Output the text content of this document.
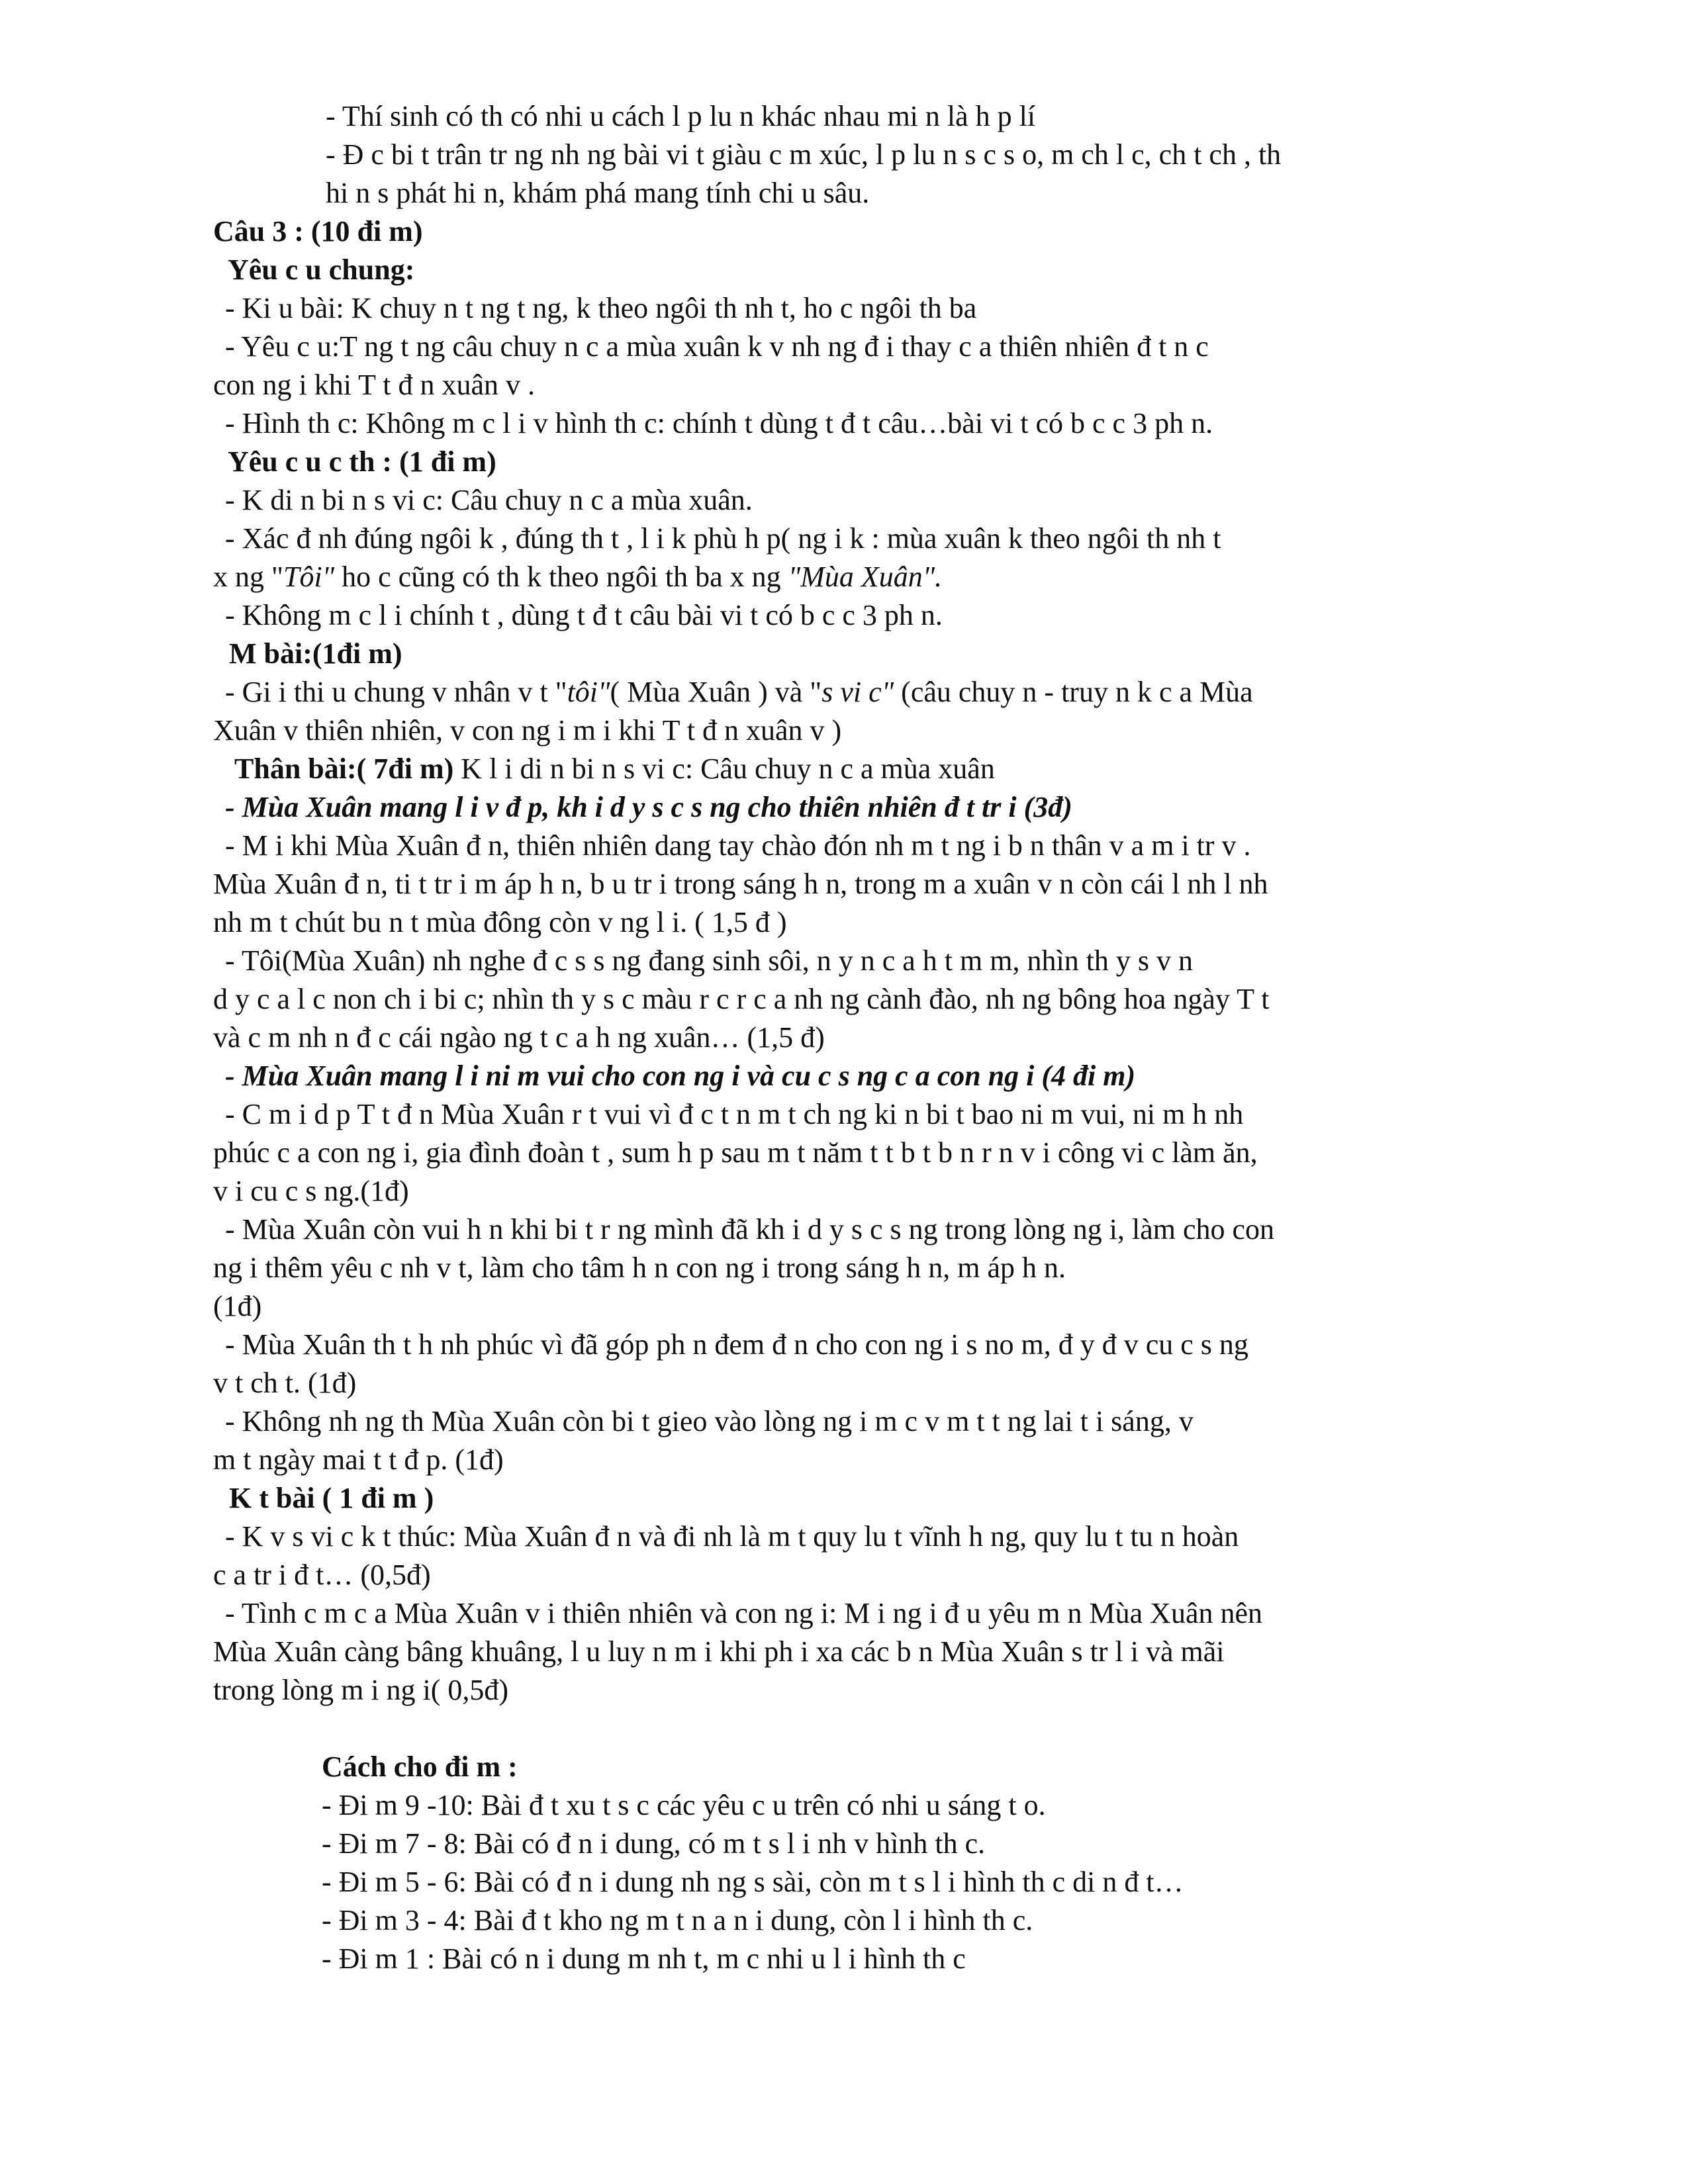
- Thí sinh có th có nhi u cách l p lu n khác nhau mi n là h p lí
- Đ c bi t trân tr ng nh ng bài vi t giàu c m xúc, l p lu n s c s o, m ch l c, ch t ch , th
hi n s phát hi n, khám phá mang tính chi u sâu.
Câu 3 : (10 đi m)
Yêu c u chung:
- Ki u bài: K chuy n t ng t ng, k theo ngôi th nh t, ho c ngôi th ba
- Yêu c u:T ng t ng câu chuy n c a mùa xuân k v nh ng đ i thay c a thiên nhiên đ t n c
con ng i khi T t đ n xuân v .
- Hình th c: Không m c l i v hình th c: chính t dùng t đ t câu…bài vi t có b c c 3 ph n.
Yêu c u c th : (1 đi m)
- K di n bi n s vi c: Câu chuy n c a mùa xuân.
- Xác đ nh đúng ngôi k , đúng th t , l i k phù h p( ng i k : mùa xuân k theo ngôi th nh t
x ng "Tôi" ho c cũng có th k theo ngôi th ba x ng "Mùa Xuân".
- Không m c l i chính t , dùng t đ t câu bài vi t có b c c 3 ph n.
M bài:(1đi m)
- Gi i thi u chung v nhân v t "tôi"( Mùa Xuân ) và "s vi c" (câu chuy n - truy n k c a Mùa
Xuân v thiên nhiên, v con ng i m i khi T t đ n xuân v )
Thân bài:( 7đi m) K l i di n bi n s vi c: Câu chuy n c a mùa xuân
- Mùa Xuân mang l i v đ p, kh i d y s c s ng cho thiên nhiên đ t tr i (3đ)
- M i khi Mùa Xuân đ n, thiên nhiên dang tay chào đón nh m t ng i b n thân v a m i tr v .
Mùa Xuân đ n, ti t tr i m áp h n, b u tr i trong sáng h n, trong m a xuân v n còn cái l nh l nh
nh m t chút bu n t mùa đông còn v ng l i. ( 1,5 đ )
- Tôi(Mùa Xuân) nh nghe đ c s s ng đang sinh sôi, n y n c a h t m m, nhìn th y s v n
d y c a l c non ch i bi c; nhìn th y s c màu r c r c a nh ng cành đào, nh ng bông hoa ngày T t
và c m nh n đ c cái ngào ng t c a h ng xuân… (1,5 đ)
- Mùa Xuân mang l i ni m vui cho con ng i và cu c s ng c a con ng i (4 đi m)
- C m i d p T t đ n Mùa Xuân r t vui vì đ c t n m t ch ng ki n bi t bao ni m vui, ni m h nh
phúc c a con ng i, gia đình đoàn t , sum h p sau m t năm t t b t b n r n v i công vi c làm ăn,
v i cu c s ng.(1đ)
- Mùa Xuân còn vui h n khi bi t r ng mình đã kh i d y s c s ng trong lòng ng i, làm cho con
ng i thêm yêu c nh v t, làm cho tâm h n con ng i trong sáng h n, m áp h n.
(1đ)
- Mùa Xuân th t h nh phúc vì đã góp ph n đem đ n cho con ng i s no m, đ y đ v cu c s ng
v t ch t. (1đ)
- Không nh ng th Mùa Xuân còn bi t gieo vào lòng ng i m c v m t t ng lai t i sáng, v
m t ngày mai t t đ p. (1đ)
K t bài ( 1 đi m )
- K v s vi c k t thúc: Mùa Xuân đ n và đi nh là m t quy lu t vĩnh h ng, quy lu t tu n hoàn
c a tr i đ t… (0,5đ)
- Tình c m c a Mùa Xuân v i thiên nhiên và con ng i: M i ng i đ u yêu m n Mùa Xuân nên
Mùa Xuân càng bâng khuâng, l u luy n m i khi ph i xa các b n Mùa Xuân s tr l i và mãi
trong lòng m i ng i( 0,5đ)
Cách cho đi m :
- Đi m 9 -10: Bài đ t xu t s c các yêu c u trên có nhi u sáng t o.
- Đi m 7 - 8: Bài có đ n i dung, có m t s l i nh v hình th c.
- Đi m 5 - 6: Bài có đ n i dung nh ng s sài, còn m t s l i hình th c di n đ t…
- Đi m 3 - 4: Bài đ t kho ng m t n a n i dung, còn l i hình th c.
- Đi m 1 : Bài có n i dung m nh t, m c nhi u l i hình th c
